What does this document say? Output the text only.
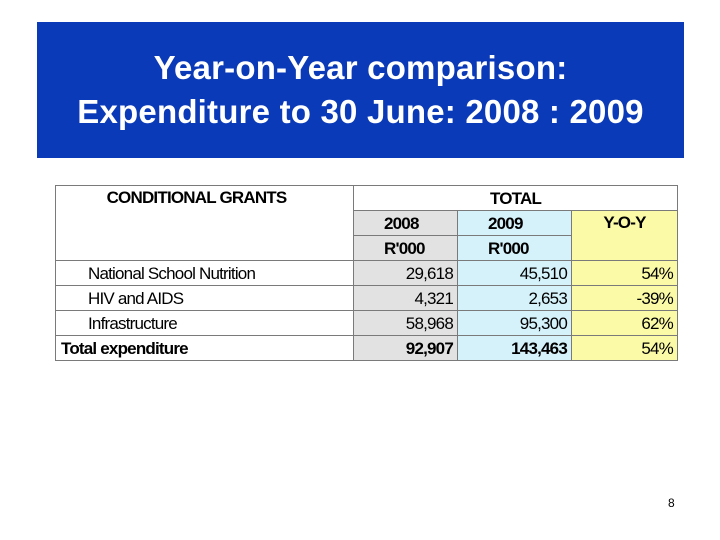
Year-on-Year comparison:
Expenditure to 30 June: 2008 : 2009
CONDITIONAL GRANTS	TOTAL		
	2008	2009	Y-O-Y
	R'000	R'000	
National School Nutrition	29,618	45,510	54%
HIV and AIDS	4,321	2,653	-39%
Infrastructure	58,968	95,300	62%
Total expenditure	92,907	143,463	54%
8
